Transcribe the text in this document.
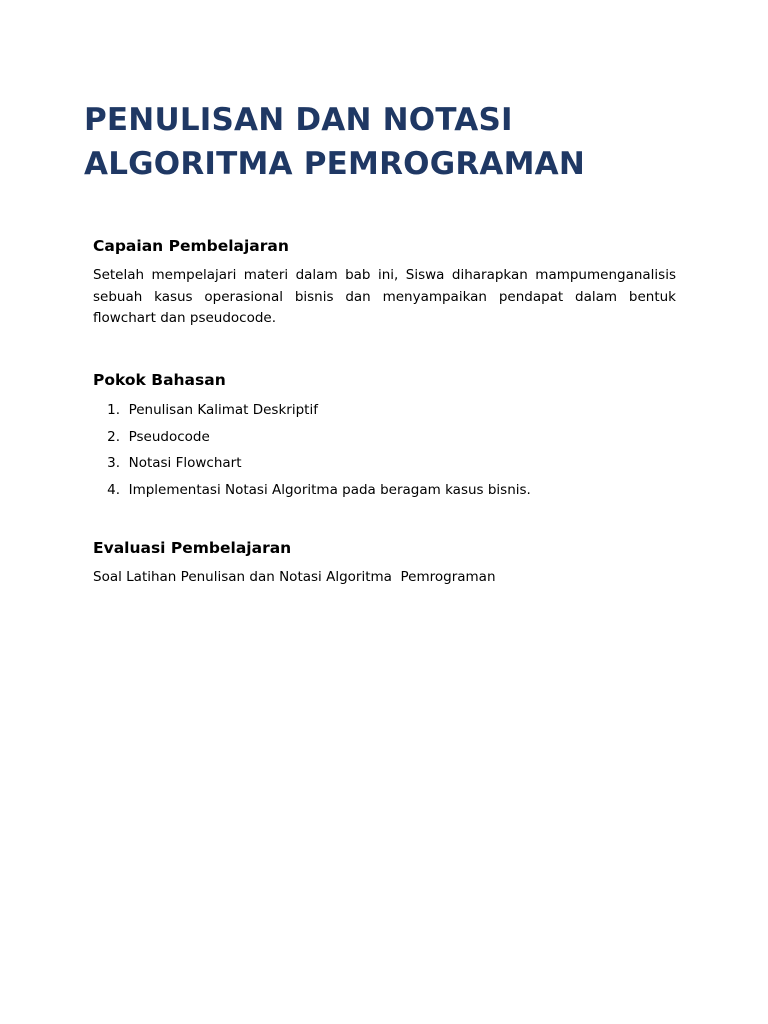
PENULISAN DAN NOTASI
ALGORITMA PEMROGRAMAN
Capaian Pembelajaran

Setelah mempelajari materi dalam bab ini, Siswa diharapkan mampumenganalisis sebuah kasus operasional bisnis dan menyampaikan pendapat dalam bentuk flowchart dan pseudocode.

Pokok Bahasan
1. Penulisan Kalimat Deskriptif
2. Pseudocode
3. Notasi Flowchart
4. Implementasi Notasi Algoritma pada beragam kasus bisnis.
Evaluasi Pembelajaran

Soal Latihan Penulisan dan Notasi Algoritma  Pemrograman
